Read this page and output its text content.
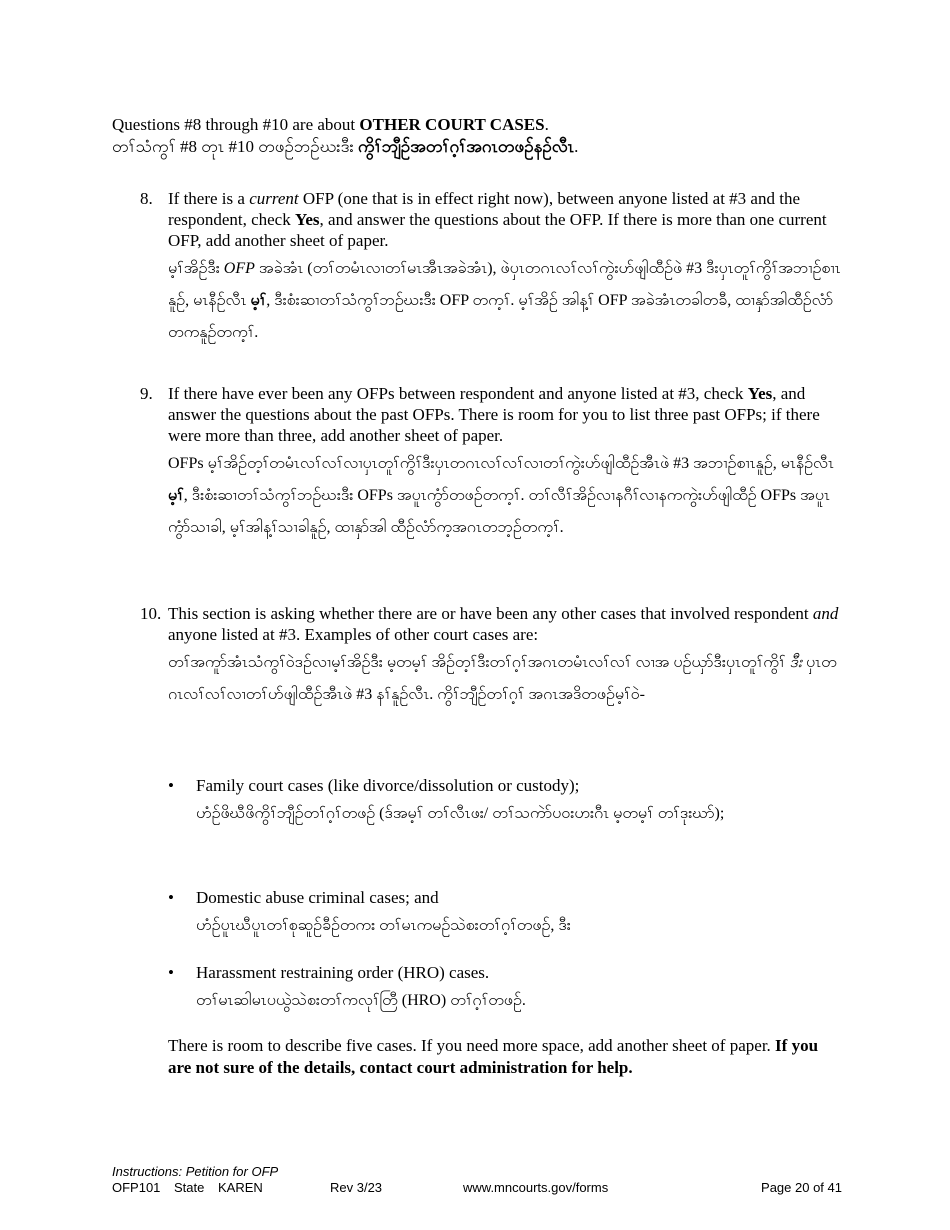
Questions #8 through #10 are about OTHER COURT CASES.
တၢ်သံကွၢ် #8 တုၤ #10 တဖဉ်ဘဉ်ဃးဒီး ကွိၢ်ဘျီဉ်အတၢ်ဂ့ၢ်အဂၤတဖဉ်နဉ်လီၤ.
8. If there is a current OFP (one that is in effect right now), between anyone listed at #3 and the respondent, check Yes, and answer the questions about the OFP. If there is more than one current OFP, add another sheet of paper.
မ့ၢ်အိဉ်ဒီး OFP အခဲအံၤ (တၢ်တမံၤလၢတၢ်မၤအီၤအခဲအံၤ), ဖဲပှၤတဂၤလၢ်လၢ်ကွဲးဟ်ဖျါထီဉ်ဖဲ #3 ဒီးပှၤတူၢ်ကွိၢ်အဘၢဉ်စၢၤနူဉ်, မၤနီဉ်လီၤ မ့ၢ်, ဒီးစံးဆၢတၢ်သံကွၢ်ဘဉ်ဃးဒီး OFP တက့ၢ်. မ့ၢ်အိဉ် အါန့ၢ် OFP အခဲအံၤတခါတခီ, ထၢနှာ်အါထီဉ်လံာ်တကနူဉ်တက့ၢ်.
9. If there have ever been any OFPs between respondent and anyone listed at #3, check Yes, and answer the questions about the past OFPs. There is room for you to list three past OFPs; if there were more than three, add another sheet of paper.
OFPs မ့ၢ်အိဉ်တ့ၢ်တမံၤလၢ်လၢ်လၢပှၤတူၢ်ကွိၢ်ဒီးပှၤတဂၤလၢ်လၢ်လၢတၢ်ကွဲးဟ်ဖျါထီဉ်အီၤဖဲ #3 အဘၢဉ်စၢၤနူဉ်, မၤနီဉ်လီၤ မ့ၢ်, ဒီးစံးဆၢတၢ်သံကွၢ်ဘဉ်ဃးဒီး OFPs အပူၤကွံာ်တဖဉ်တက့ၢ်. တၢ်လီၢ်အိဉ်လၢနဂီၢ်လၢနကကွဲးဟ်ဖျါထီဉ် OFPs အပူၤကွံာ်သၢခါ, မ့ၢ်အါန့ၢ်သၢခါနူဉ်, ထၢနှာ်အါ ထီဉ်လံာ်က့အဂၤတဘ့ဉ်တက့ၢ်.
10. This section is asking whether there are or have been any other cases that involved respondent and anyone listed at #3. Examples of other court cases are:
တၢ်အကူာ်အံၤသံကွၢ်ဝဲဒဉ်လၢမ့ၢ်အိဉ်ဒီး မ့တမ့ၢ် အိဉ်တ့ၢ်ဒီးတၢ်ဂ့ၢ်အဂၤတမံၤလၢ်လၢ် လၢအ ပဉ်ယှာ်ဒီးပှၤတူၢ်ကွိၢ် ဒီး ပှၤတဂၤလၢ်လၢ်လၢတၢ်ဟ်ဖျါထီဉ်အီၤဖဲ #3 နၢ်နူဉ်လီၤ. ကွိၢ်ဘျီဉ်တၢ်ဂ့ၢ် အဂၤအဒိတဖဉ်မ့ၢ်ဝဲ-
• Family court cases (like divorce/dissolution or custody);
ဟံဉ်ဖိဃီဖိကွိၢ်ဘျီဉ်တၢ်ဂ့ၢ်တဖဉ် (ဒ်အမ့ၢ် တၢ်လီၤဖး/ တၢ်သကဲာ်ပဝးဟးဂီၤ မ့တမ့ၢ် တၢ်ဒုးဃာ်);
• Domestic abuse criminal cases; and
ဟံဉ်ပူၤဃီပူၤတၢ်စုဆူဉ်ခီဉ်တကး တၢ်မၤကမဉ်သဲစးတၢ်ဂ့ၢ်တဖဉ်, ဒီး
• Harassment restraining order (HRO) cases.
တၢ်မၤဆါမၤပယွဲသဲစးတၢ်ကလုၢ်တြီ (HRO) တၢ်ဂ့ၢ်တဖဉ်.
There is room to describe five cases. If you need more space, add another sheet of paper. If you are not sure of the details, contact court administration for help.
Instructions: Petition for OFP
OFP101 State KAREN	Rev 3/23	www.mncourts.gov/forms	Page 20 of 41
